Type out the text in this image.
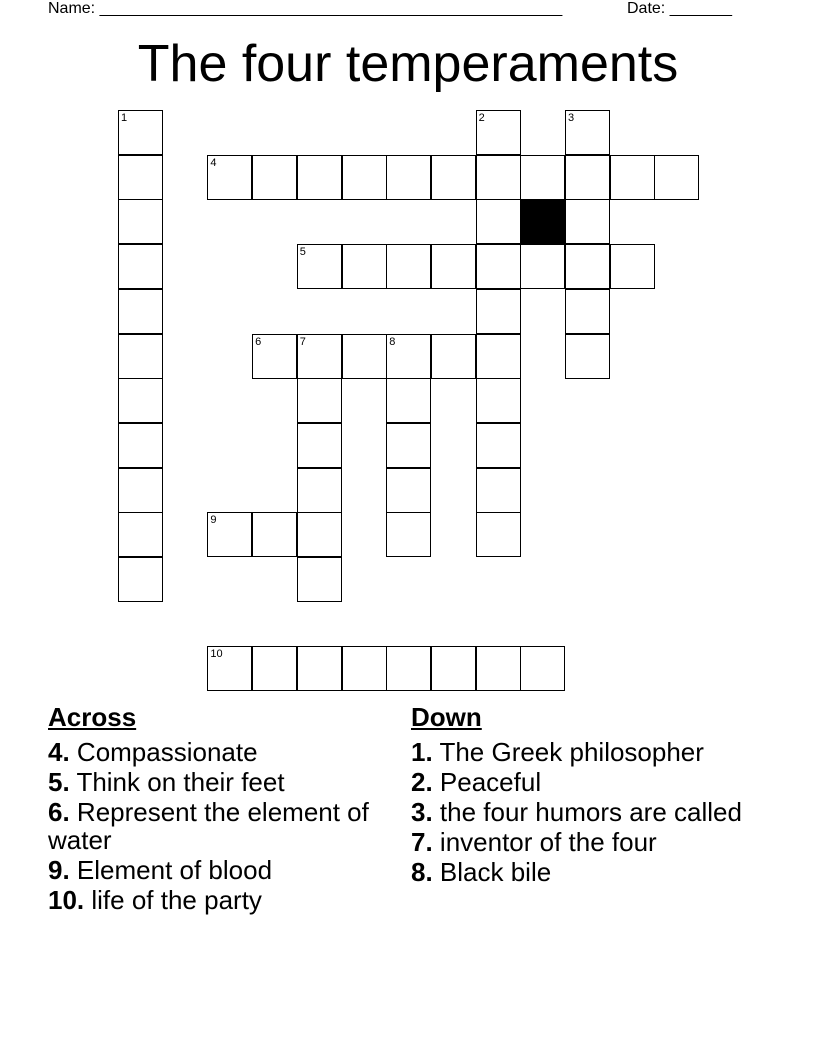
Name: ____________________________________________________	Date: _______
The four temperaments
1	2	3
4
5
6	7	8
9
10
Across
4. Compassionate
5. Think on their feet
6. Represent the element of water
9. Element of blood
10. life of the party
Down
1. The Greek philosopher
2. Peaceful
3. the four humors are called
7. inventor of the four
8. Black bile
